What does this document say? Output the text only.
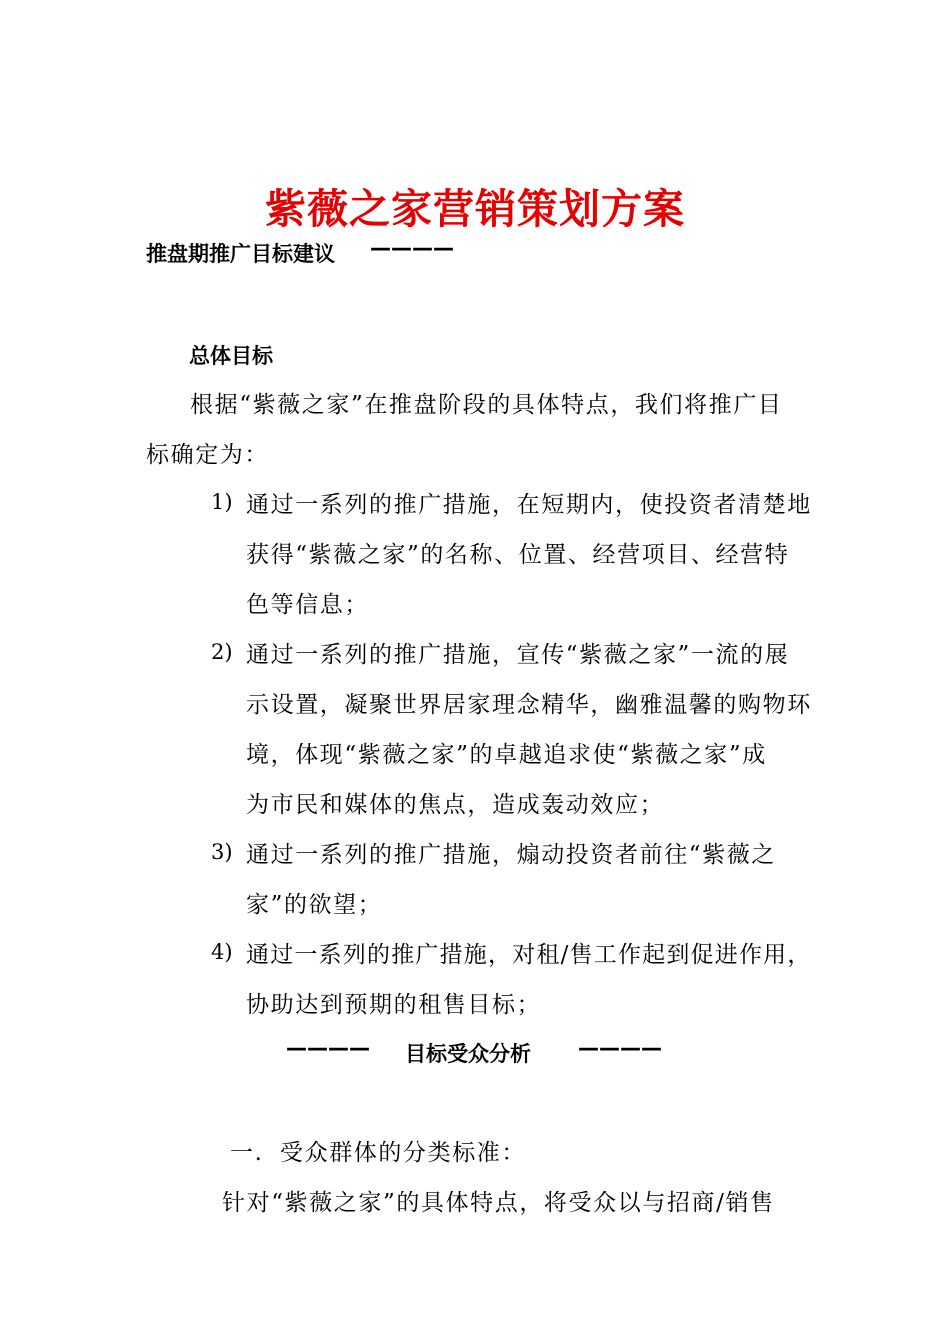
紫薇之家营销策划方案
推盘期推广目标建议 ————
总体目标
根据“紫薇之家”在推盘阶段的具体特点，我们将推广目
标确定为：
1) 通过一系列的推广措施，在短期内，使投资者清楚地
获得“紫薇之家”的名称、位置、经营项目、经营特
色等信息；
2) 通过一系列的推广措施，宣传“紫薇之家”一流的展
示设置，凝聚世界居家理念精华，幽雅温馨的购物环
境，体现“紫薇之家”的卓越追求使“紫薇之家”成
为市民和媒体的焦点，造成轰动效应；
3) 通过一系列的推广措施，煽动投资者前往“紫薇之
家”的欲望；
4) 通过一系列的推广措施，对租/售工作起到促进作用，
协助达到预期的租售目标；
———— 目标受众分析 ————
一. 受众群体的分类标准：
针对“紫薇之家”的具体特点，将受众以与招商/销售
